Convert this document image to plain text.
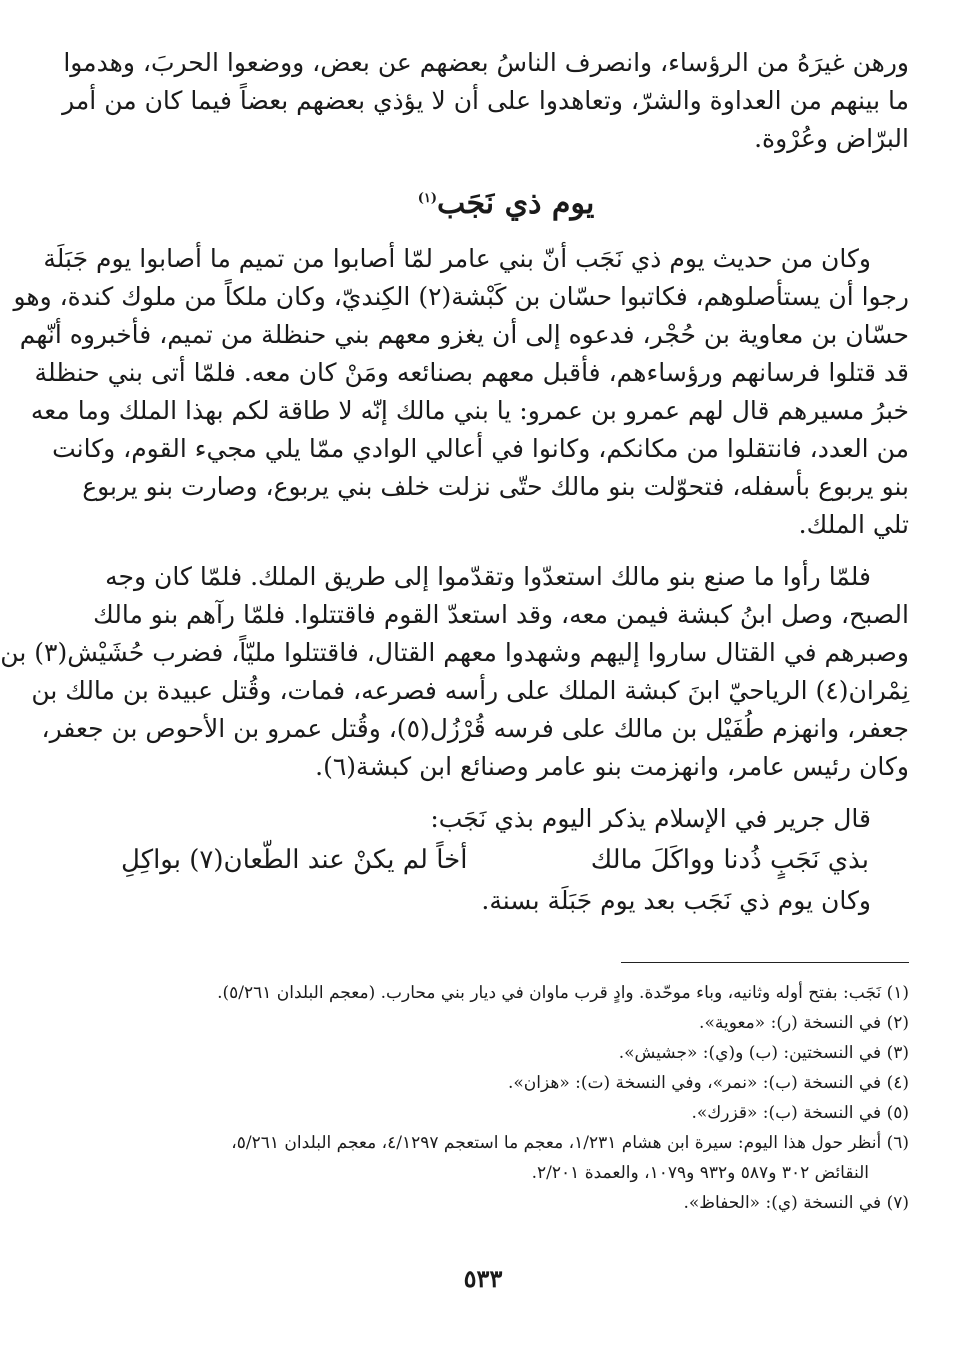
ورهن غيرَهُ من الرؤساء، وانصرف الناسُ بعضهم عن بعض، ووضعوا الحربَ، وهدموا
ما بينهم من العداوة والشرّ، وتعاهدوا على أن لا يؤذي بعضهم بعضاً فيما كان من أمر
البرّاض وعُرْوة.
يوم ذي نَجَب$^{(١)}$
وكان من حديث يوم ذي نَجَب أنّ بني عامر لمّا أصابوا من تميم ما أصابوا يوم جَبَلَة
رجوا أن يستأصلوهم، فكاتبوا حسّان بن كَبْشة(٢) الكِنديّ، وكان ملكاً من ملوك كندة، وهو
حسّان بن معاوية بن حُجْر، فدعوه إلى أن يغزو معهم بني حنظلة من تميم، فأخبروه أنّهم
قد قتلوا فرسانهم ورؤساءهم، فأقبل معهم بصنائعه ومَنْ كان معه. فلمّا أتى بني حنظلة
خبرُ مسيرهم قال لهم عمرو بن عمرو: يا بني مالك إنّه لا طاقة لكم بهذا الملك وما معه
من العدد، فانتقلوا من مكانكم، وكانوا في أعالي الوادي ممّا يلي مجيء القوم، وكانت
بنو يربوع بأسفله، فتحوّلت بنو مالك حتّى نزلت خلف بني يربوع، وصارت بنو يربوع
تلي الملك.
فلمّا رأوا ما صنع بنو مالك استعدّوا وتقدّموا إلى طريق الملك. فلمّا كان وجه
الصبح، وصل ابنُ كبشة فيمن معه، وقد استعدّ القوم فاقتتلوا. فلمّا رآهم بنو مالك
وصبرهم في القتال ساروا إليهم وشهدوا معهم القتال، فاقتتلوا مليّاً، فضرب حُشَيْش(٣) بن
نِمْران(٤) الرياحيّ ابنَ كبشة الملك على رأسه فصرعه، فمات، وقُتل عبيدة بن مالك بن
جعفر، وانهزم طُفَيْل بن مالك على فرسه قُرْزُل(٥)، وقُتل عمرو بن الأحوص بن جعفر،
وكان رئيس عامر، وانهزمت بنو عامر وصنائع ابن كبشة(٦).
قال جرير في الإسلام يذكر اليوم بذي نَجَب:
بذي نَجَبٍ ذُدنا وواكَلَ مالك
أخاً لم يكنْ عند الطّعان(٧) بواكِلِ
وكان يوم ذي نَجَب بعد يوم جَبَلَة بسنة.
(١) نَجَب: بفتح أوله وثانيه، وباء موحّدة. وادٍ قرب ماوان في ديار بني محارب. (معجم البلدان ٥/٢٦١).
(٢) في النسخة (ر): «معوية».
(٣) في النسختين: (ب) و(ي): «جشيش».
(٤) في النسخة (ب): «نمر»، وفي النسخة (ت): «هزان».
(٥) في النسخة (ب): «قزرك».
(٦) أنظر حول هذا اليوم: سيرة ابن هشام ١/٢٣١، معجم ما استعجم ٤/١٢٩٧، معجم البلدان ٥/٢٦١،
النقائض ٣٠٢ و٥٨٧ و٩٣٢ و١٠٧٩، والعمدة ٢/٢٠١.
(٧) في النسخة (ي): «الحفاظ».
٥٣٣
